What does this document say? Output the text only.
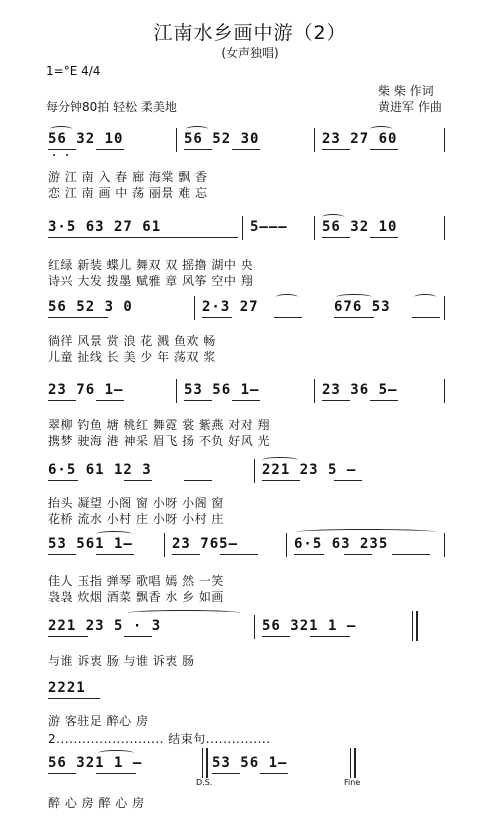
江南水乡画中游（2）
(女声独唱)
1=°E 4/4
每分钟80拍 轻松 柔美地
柴 柴 作词
黄进军 作曲
56 32 10	56 52 30	23 27 60
游 江 南 入 春 廊 海棠 飘 香
恋 江 南 画 中 荡 丽景 难 忘
3·5 63 27 61	5——— 56 32 10
红绿 新装 蝶儿 舞双 双 摇撸 湖中 央
诗兴 大发 拨墨 赋雅 章 风筝 空中 翔
56 52 3 0	2·3 27	676 53
徜徉 风景 赏 浪 花 溅 鱼欢 畅
儿童 扯线 长 美 少 年 荡双 浆
23 76 1—	53 56 1—	23 36 5—
翠柳 钓鱼 塘 桃红 舞霓 裳 紫燕 对对 翔
携梦 驶海 港 神采 眉飞 扬 不负 好风 光
6·5 61 12 3	221 23 5 —
抬头 凝望 小阁 窗 小呀 小阁 窗
花桥 流水 小村 庄 小呀 小村 庄
53 561 1—	23 765—	6·5 63 235
佳人 玉指 弹琴 歌唱 嫣 然 一笑
袅袅 炊烟 酒菜 飘香 水 乡 如画
221 23 5 · 3	56 321 1 —
与谁 诉衷 肠 与谁 诉衷 肠
2221
游 客驻足 醉心 房
2......................... 结束句...............
56 321 1 —	53 56 1—
D.S.	Fine
醉 心 房 醉 心 房
